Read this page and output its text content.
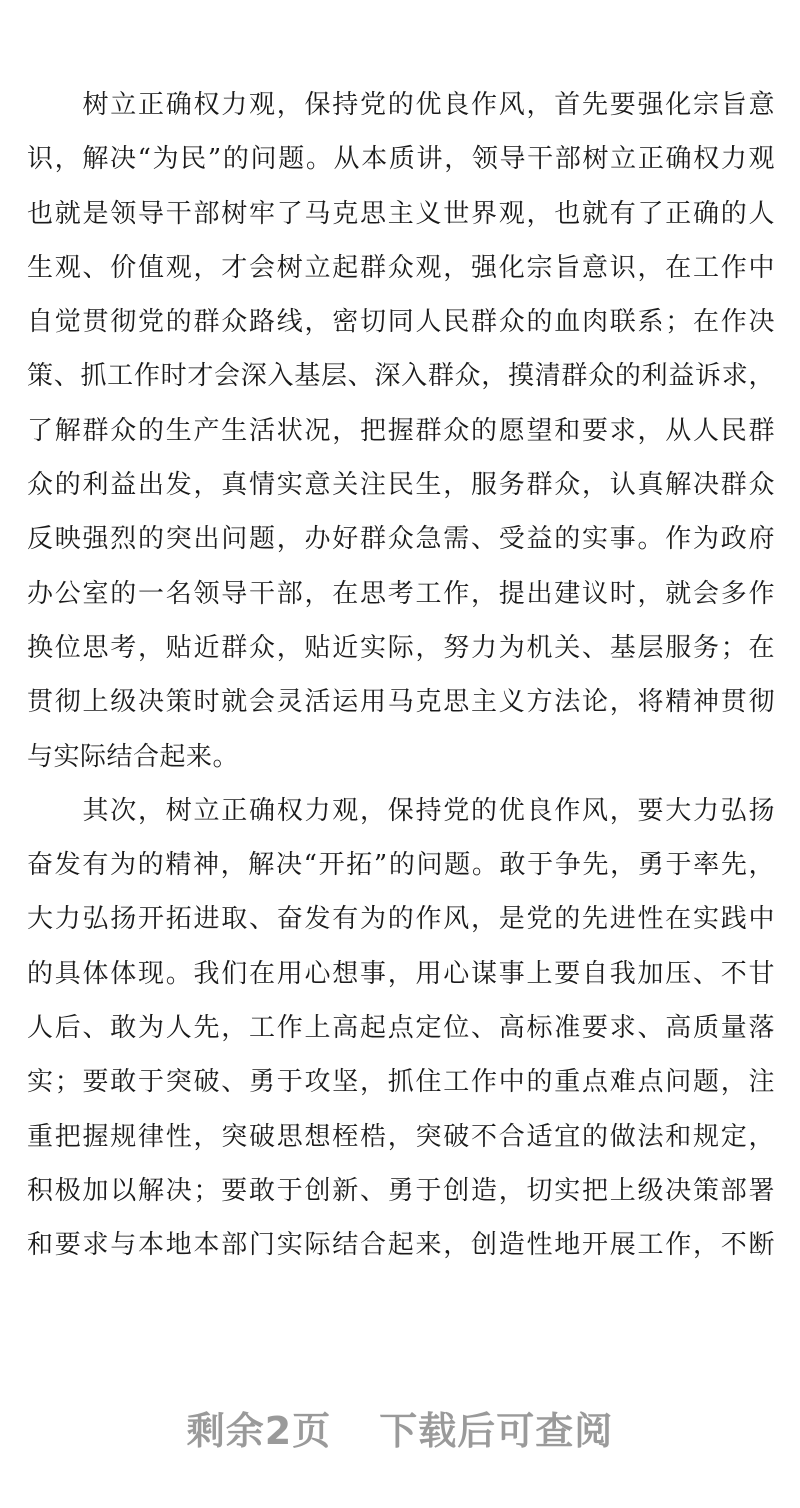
　　树立正确权力观，保持党的优良作风，首先要强化宗旨意
识，解决“为民”的问题。从本质讲，领导干部树立正确权力观
也就是领导干部树牢了马克思主义世界观，也就有了正确的人
生观、价值观，才会树立起群众观，强化宗旨意识，在工作中
自觉贯彻党的群众路线，密切同人民群众的血肉联系；在作决
策、抓工作时才会深入基层、深入群众，摸清群众的利益诉求，
了解群众的生产生活状况，把握群众的愿望和要求，从人民群
众的利益出发，真情实意关注民生，服务群众，认真解决群众
反映强烈的突出问题，办好群众急需、受益的实事。作为政府
办公室的一名领导干部，在思考工作，提出建议时，就会多作
换位思考，贴近群众，贴近实际，努力为机关、基层服务；在
贯彻上级决策时就会灵活运用马克思主义方法论，将精神贯彻
与实际结合起来。
　　其次，树立正确权力观，保持党的优良作风，要大力弘扬
奋发有为的精神，解决“开拓”的问题。敢于争先，勇于率先，
大力弘扬开拓进取、奋发有为的作风，是党的先进性在实践中
的具体体现。我们在用心想事，用心谋事上要自我加压、不甘
人后、敢为人先，工作上高起点定位、高标准要求、高质量落
实；要敢于突破、勇于攻坚，抓住工作中的重点难点问题，注
重把握规律性，突破思想桎梏，突破不合适宜的做法和规定，
积极加以解决；要敢于创新、勇于创造，切实把上级决策部署
和要求与本地本部门实际结合起来，创造性地开展工作，不断
剩余2页 下载后可查阅
